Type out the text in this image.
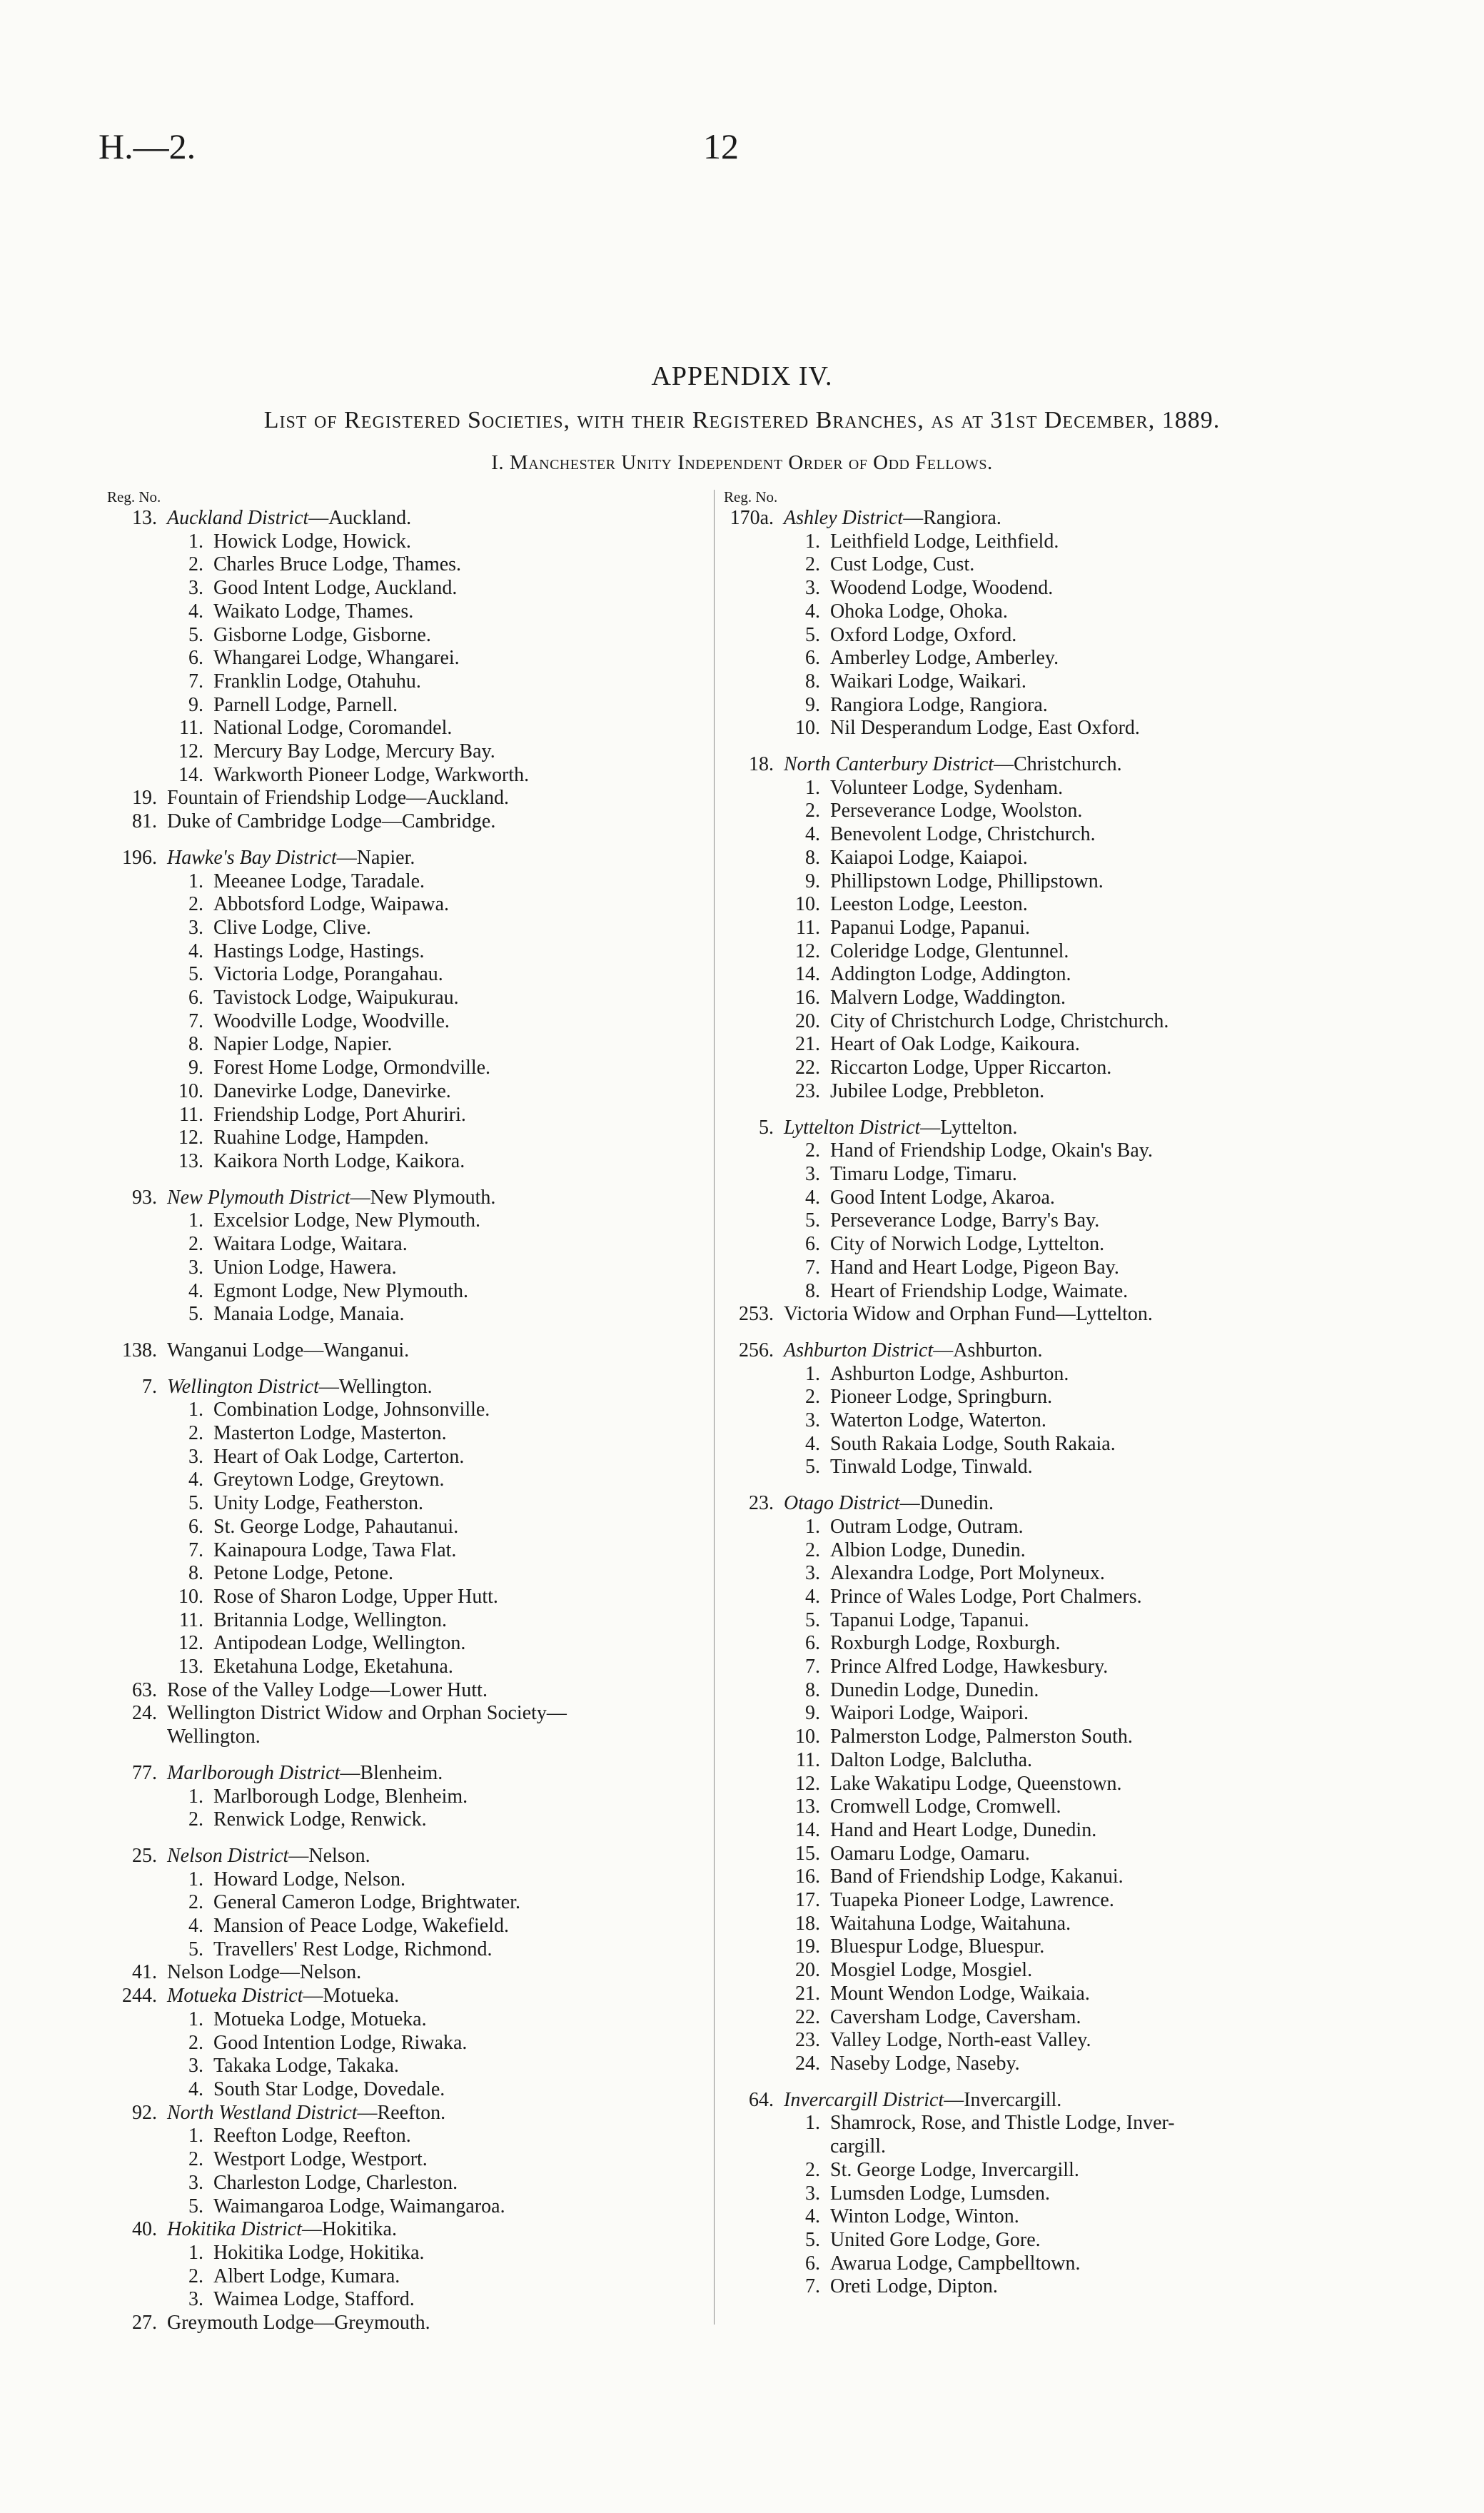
H.—2.	12
APPENDIX IV.
List of Registered Societies, with their Registered Branches, as at 31st December, 1889.
I. Manchester Unity Independent Order of Odd Fellows.
Reg. No.
13. Auckland District—Auckland.
1. Howick Lodge, Howick.
2. Charles Bruce Lodge, Thames.
3. Good Intent Lodge, Auckland.
4. Waikato Lodge, Thames.
5. Gisborne Lodge, Gisborne.
6. Whangarei Lodge, Whangarei.
7. Franklin Lodge, Otahuhu.
9. Parnell Lodge, Parnell.
11. National Lodge, Coromandel.
12. Mercury Bay Lodge, Mercury Bay.
14. Warkworth Pioneer Lodge, Warkworth.
19. Fountain of Friendship Lodge—Auckland.
81. Duke of Cambridge Lodge—Cambridge.
196. Hawke's Bay District—Napier.
1. Meeanee Lodge, Taradale.
2. Abbotsford Lodge, Waipawa.
3. Clive Lodge, Clive.
4. Hastings Lodge, Hastings.
5. Victoria Lodge, Porangahau.
6. Tavistock Lodge, Waipukurau.
7. Woodville Lodge, Woodville.
8. Napier Lodge, Napier.
9. Forest Home Lodge, Ormondville.
10. Danevirke Lodge, Danevirke.
11. Friendship Lodge, Port Ahuriri.
12. Ruahine Lodge, Hampden.
13. Kaikora North Lodge, Kaikora.
93. New Plymouth District—New Plymouth.
1. Excelsior Lodge, New Plymouth.
2. Waitara Lodge, Waitara.
3. Union Lodge, Hawera.
4. Egmont Lodge, New Plymouth.
5. Manaia Lodge, Manaia.
138. Wanganui Lodge—Wanganui.
7. Wellington District—Wellington.
1. Combination Lodge, Johnsonville.
2. Masterton Lodge, Masterton.
3. Heart of Oak Lodge, Carterton.
4. Greytown Lodge, Greytown.
5. Unity Lodge, Featherston.
6. St. George Lodge, Pahautanui.
7. Kainapoura Lodge, Tawa Flat.
8. Petone Lodge, Petone.
10. Rose of Sharon Lodge, Upper Hutt.
11. Britannia Lodge, Wellington.
12. Antipodean Lodge, Wellington.
13. Eketahuna Lodge, Eketahuna.
63. Rose of the Valley Lodge—Lower Hutt.
24. Wellington District Widow and Orphan Society—
Wellington.
77. Marlborough District—Blenheim.
1. Marlborough Lodge, Blenheim.
2. Renwick Lodge, Renwick.
25. Nelson District—Nelson.
1. Howard Lodge, Nelson.
2. General Cameron Lodge, Brightwater.
4. Mansion of Peace Lodge, Wakefield.
5. Travellers' Rest Lodge, Richmond.
41. Nelson Lodge—Nelson.
244. Motueka District—Motueka.
1. Motueka Lodge, Motueka.
2. Good Intention Lodge, Riwaka.
3. Takaka Lodge, Takaka.
4. South Star Lodge, Dovedale.
92. North Westland District—Reefton.
1. Reefton Lodge, Reefton.
2. Westport Lodge, Westport.
3. Charleston Lodge, Charleston.
5. Waimangaroa Lodge, Waimangaroa.
40. Hokitika District—Hokitika.
1. Hokitika Lodge, Hokitika.
2. Albert Lodge, Kumara.
3. Waimea Lodge, Stafford.
27. Greymouth Lodge—Greymouth.
Reg. No.
170a. Ashley District—Rangiora.
1. Leithfield Lodge, Leithfield.
2. Cust Lodge, Cust.
3. Woodend Lodge, Woodend.
4. Ohoka Lodge, Ohoka.
5. Oxford Lodge, Oxford.
6. Amberley Lodge, Amberley.
8. Waikari Lodge, Waikari.
9. Rangiora Lodge, Rangiora.
10. Nil Desperandum Lodge, East Oxford.
18. North Canterbury District—Christchurch.
1. Volunteer Lodge, Sydenham.
2. Perseverance Lodge, Woolston.
4. Benevolent Lodge, Christchurch.
8. Kaiapoi Lodge, Kaiapoi.
9. Phillipstown Lodge, Phillipstown.
10. Leeston Lodge, Leeston.
11. Papanui Lodge, Papanui.
12. Coleridge Lodge, Glentunnel.
14. Addington Lodge, Addington.
16. Malvern Lodge, Waddington.
20. City of Christchurch Lodge, Christchurch.
21. Heart of Oak Lodge, Kaikoura.
22. Riccarton Lodge, Upper Riccarton.
23. Jubilee Lodge, Prebbleton.
5. Lyttelton District—Lyttelton.
2. Hand of Friendship Lodge, Okain's Bay.
3. Timaru Lodge, Timaru.
4. Good Intent Lodge, Akaroa.
5. Perseverance Lodge, Barry's Bay.
6. City of Norwich Lodge, Lyttelton.
7. Hand and Heart Lodge, Pigeon Bay.
8. Heart of Friendship Lodge, Waimate.
253. Victoria Widow and Orphan Fund—Lyttelton.
256. Ashburton District—Ashburton.
1. Ashburton Lodge, Ashburton.
2. Pioneer Lodge, Springburn.
3. Waterton Lodge, Waterton.
4. South Rakaia Lodge, South Rakaia.
5. Tinwald Lodge, Tinwald.
23. Otago District—Dunedin.
1. Outram Lodge, Outram.
2. Albion Lodge, Dunedin.
3. Alexandra Lodge, Port Molyneux.
4. Prince of Wales Lodge, Port Chalmers.
5. Tapanui Lodge, Tapanui.
6. Roxburgh Lodge, Roxburgh.
7. Prince Alfred Lodge, Hawkesbury.
8. Dunedin Lodge, Dunedin.
9. Waipori Lodge, Waipori.
10. Palmerston Lodge, Palmerston South.
11. Dalton Lodge, Balclutha.
12. Lake Wakatipu Lodge, Queenstown.
13. Cromwell Lodge, Cromwell.
14. Hand and Heart Lodge, Dunedin.
15. Oamaru Lodge, Oamaru.
16. Band of Friendship Lodge, Kakanui.
17. Tuapeka Pioneer Lodge, Lawrence.
18. Waitahuna Lodge, Waitahuna.
19. Bluespur Lodge, Bluespur.
20. Mosgiel Lodge, Mosgiel.
21. Mount Wendon Lodge, Waikaia.
22. Caversham Lodge, Caversham.
23. Valley Lodge, North-east Valley.
24. Naseby Lodge, Naseby.
64. Invercargill District—Invercargill.
1. Shamrock, Rose, and Thistle Lodge, Inver-
cargill.
2. St. George Lodge, Invercargill.
3. Lumsden Lodge, Lumsden.
4. Winton Lodge, Winton.
5. United Gore Lodge, Gore.
6. Awarua Lodge, Campbelltown.
7. Oreti Lodge, Dipton.
